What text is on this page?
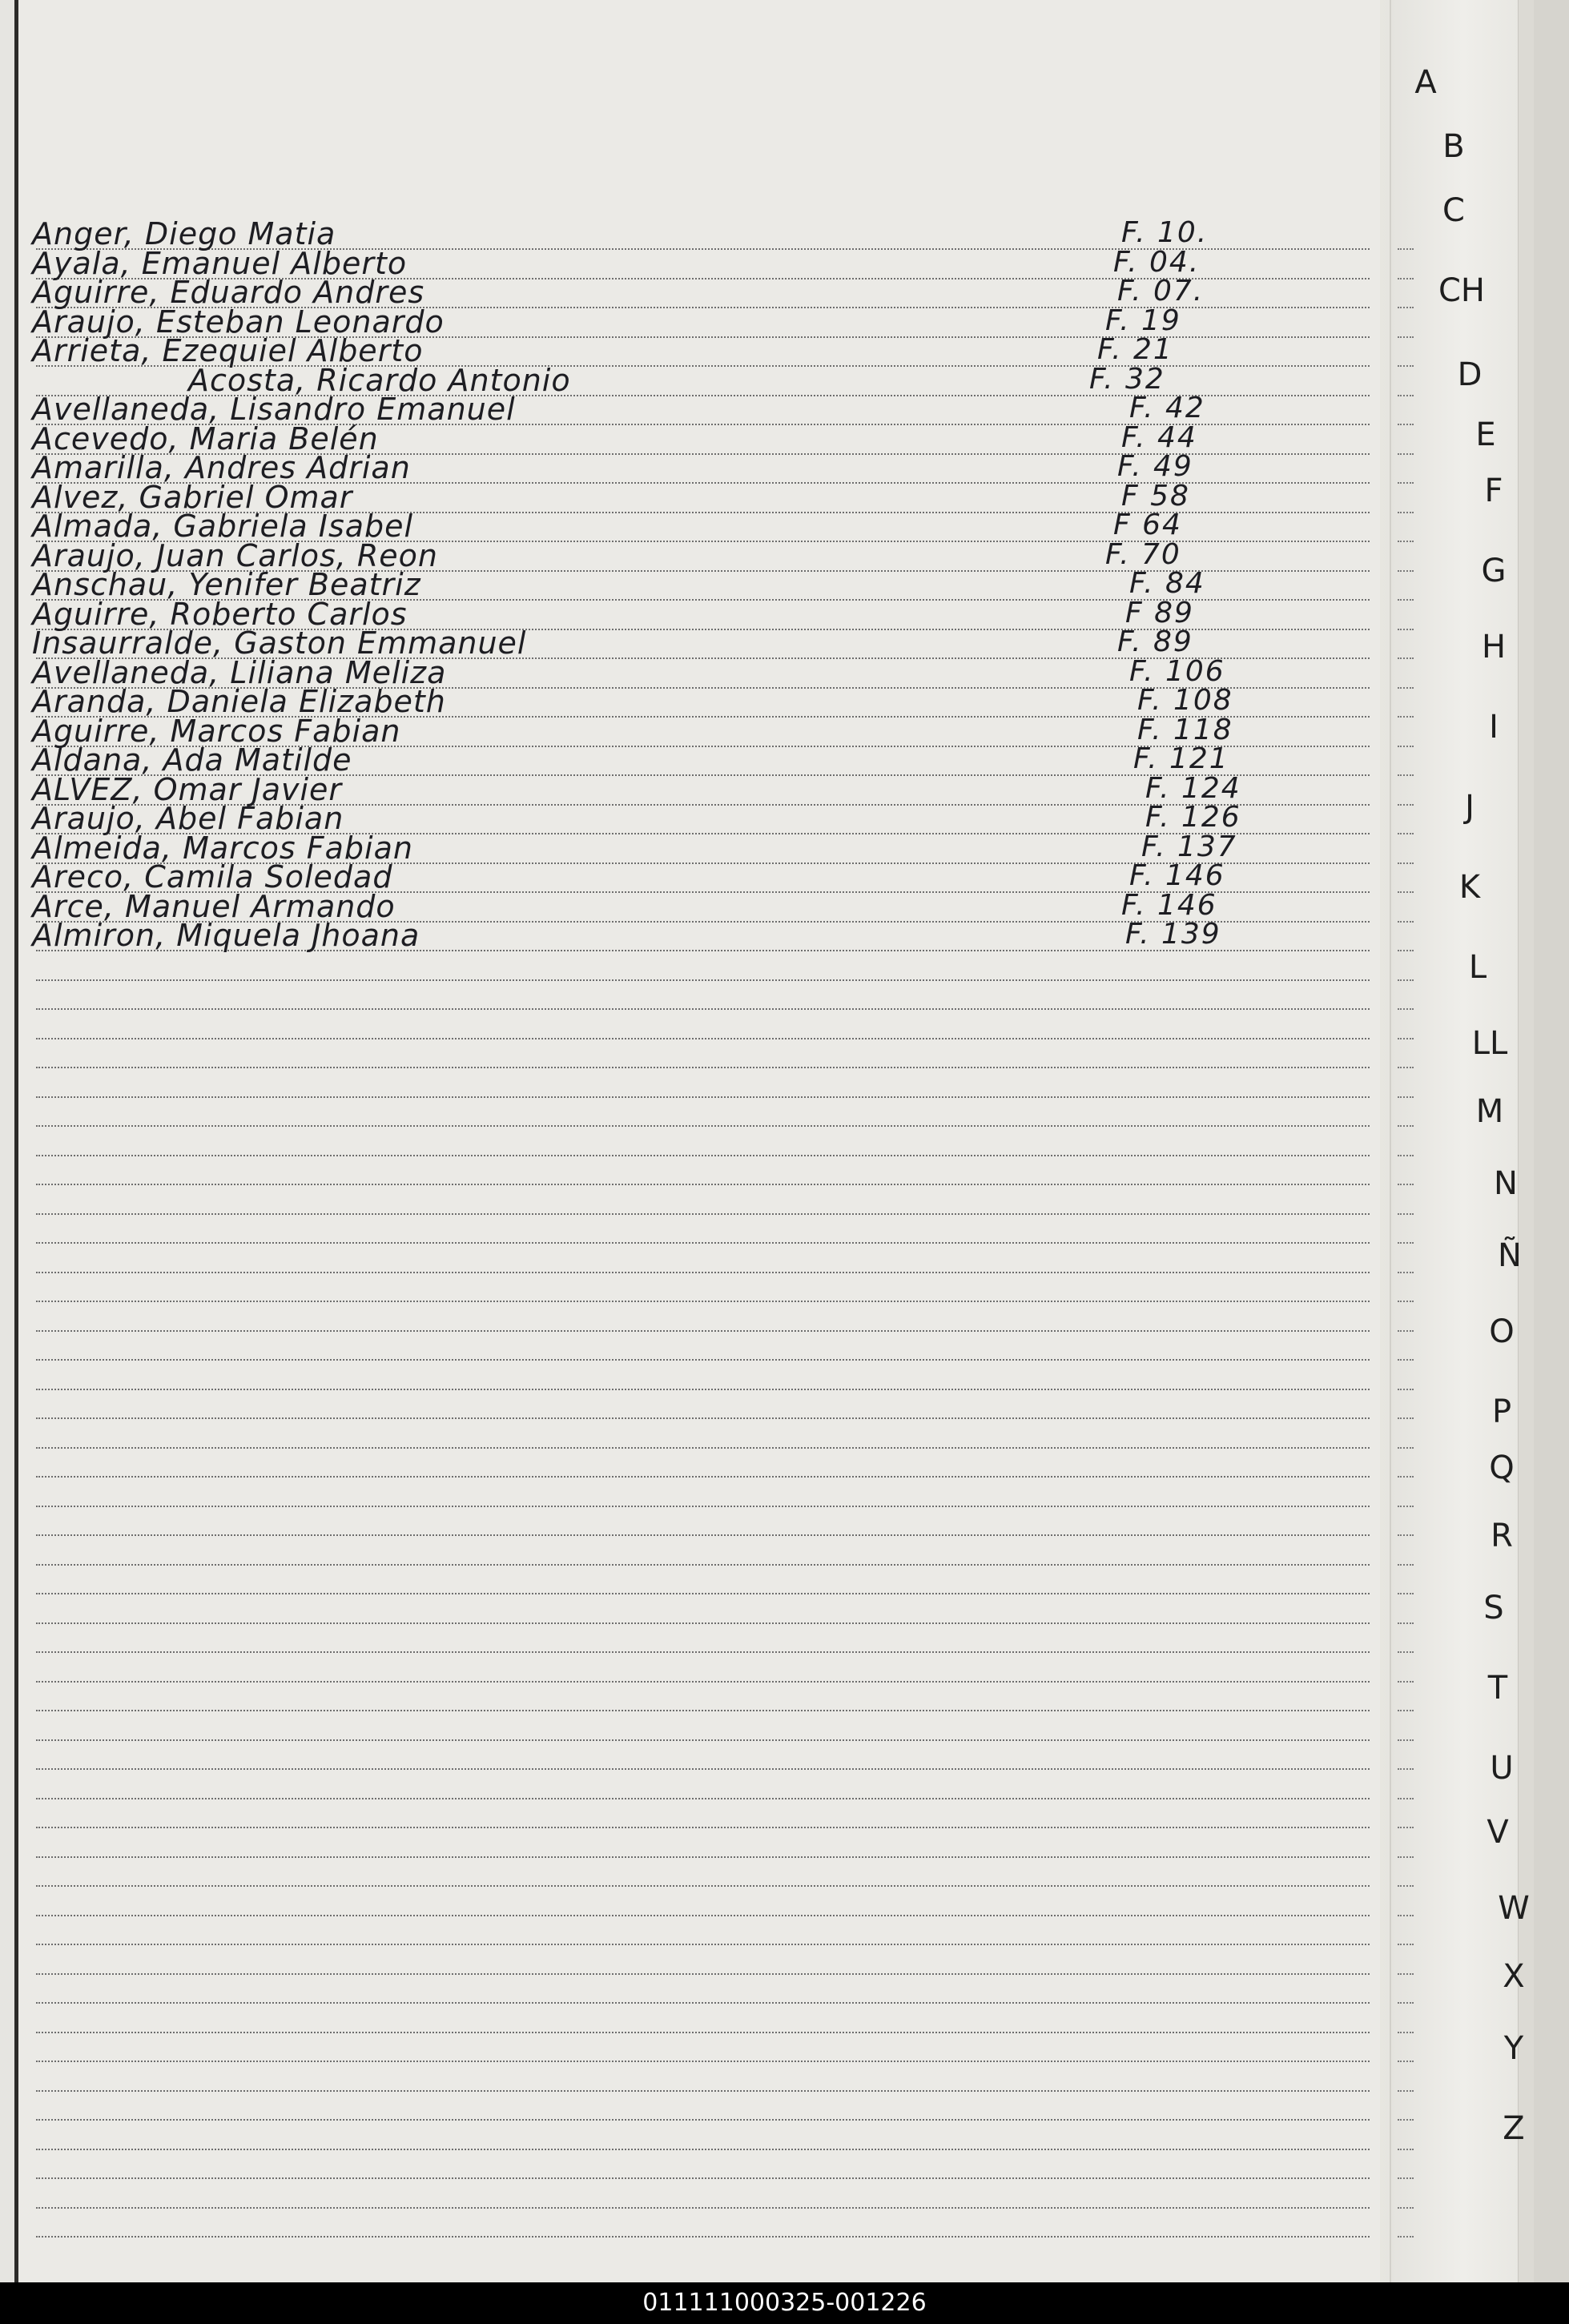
Anger, Diego Matia	F. 10.
Ayala, Emanuel Alberto	F. 04.
Aguirre, Eduardo Andres	F. 07.
Araujo, Esteban Leonardo	F. 19
Arrieta, Ezequiel Alberto	F. 21
Acosta, Ricardo Antonio	F. 32
Avellaneda, Lisandro Emanuel	F. 42
Acevedo, Maria Belén	F. 44
Amarilla, Andres Adrian	F. 49
Alvez, Gabriel Omar	F 58
Almada, Gabriela Isabel	F 64
Araujo, Juan Carlos, Reon	F. 70
Anschau, Yenifer Beatriz	F. 84
Aguirre, Roberto Carlos	F 89
Insaurralde, Gaston Emmanuel	F. 89
Avellaneda, Liliana Meliza	F. 106
Aranda, Daniela Elizabeth	F. 108
Aguirre, Marcos Fabian	F. 118
Aldana, Ada Matilde	F. 121
ALVEZ, Omar Javier	F. 124
Araujo, Abel Fabian	F. 126
Almeida, Marcos Fabian	F. 137
Areco, Camila Soledad	F. 146
Arce, Manuel Armando	F. 146
Almiron, Miquela Jhoana	F. 139
A
B
C
CH
D
E
F
G
H
I
J
K
L
LL
M
N
Ñ
O
P
Q
R
S
T
U
V
W
X
Y
Z
011111000325-001226
